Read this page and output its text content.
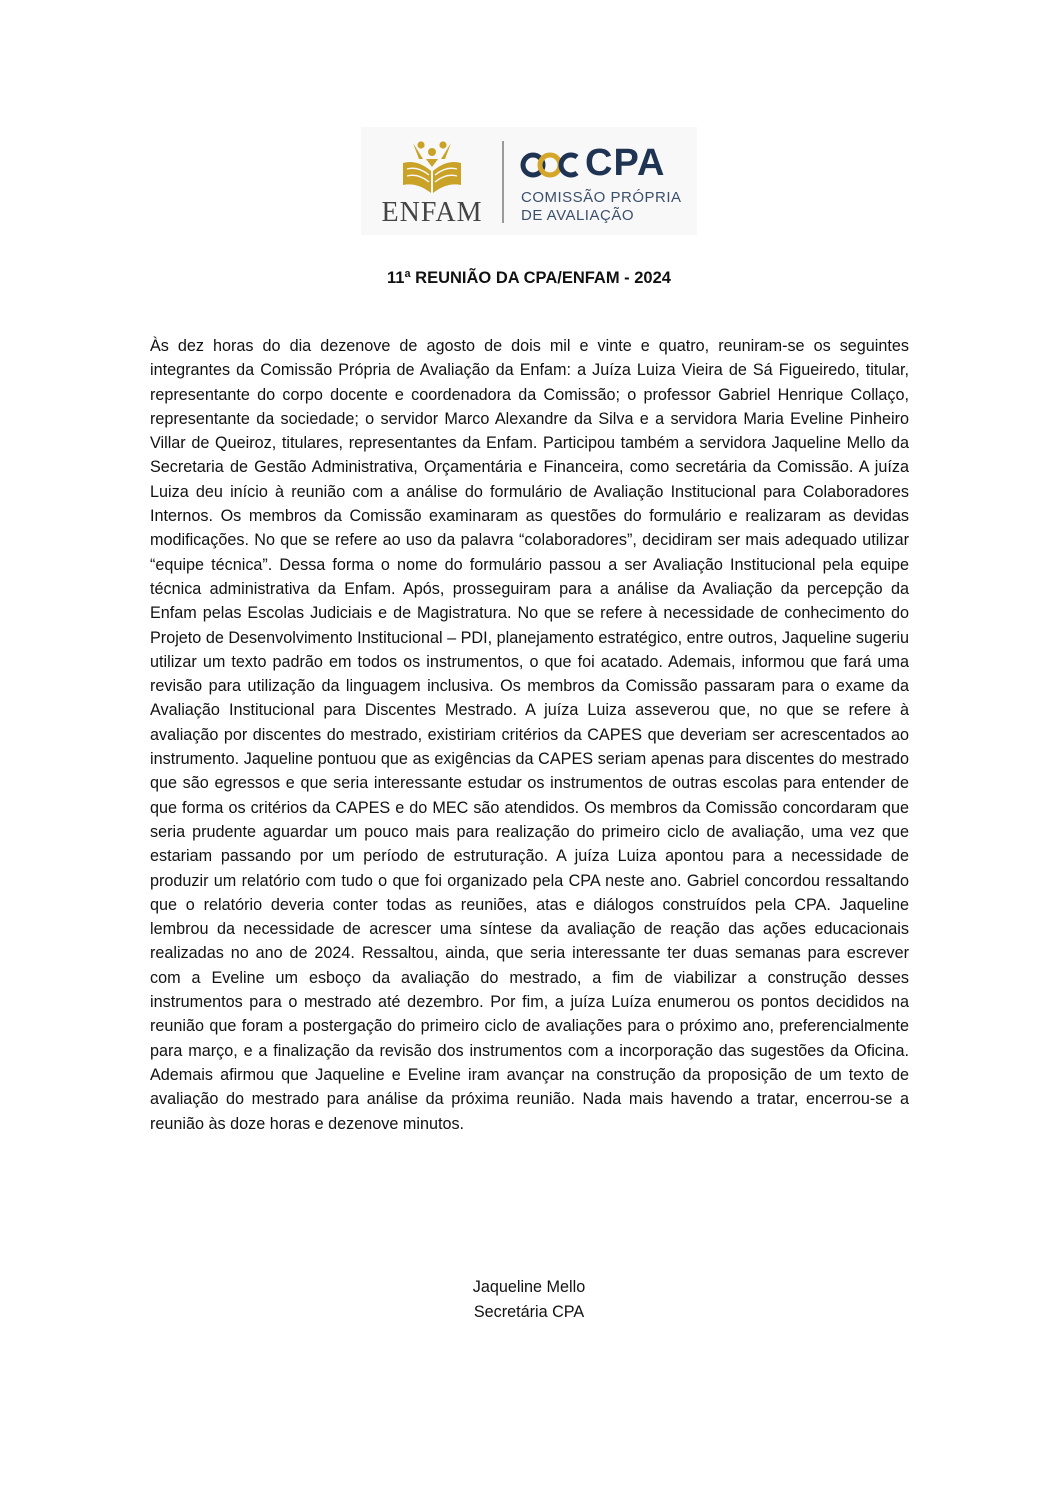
ENFAM
CPA
COMISSÃO PRÓPRIA
DE AVALIAÇÃO
11ª REUNIÃO DA CPA/ENFAM - 2024

Às dez horas do dia dezenove de agosto de dois mil e vinte e quatro, reuniram-se os seguintes integrantes da Comissão Própria de Avaliação da Enfam: a Juíza Luiza Vieira de Sá Figueiredo, titular, representante do corpo docente e coordenadora da Comissão; o professor Gabriel Henrique Collaço, representante da sociedade; o servidor Marco Alexandre da Silva e a servidora Maria Eveline Pinheiro Villar de Queiroz, titulares, representantes da Enfam. Participou também a servidora Jaqueline Mello da Secretaria de Gestão Administrativa, Orçamentária e Financeira, como secretária da Comissão. A juíza Luiza deu início à reunião com a análise do formulário de Avaliação Institucional para Colaboradores Internos. Os membros da Comissão examinaram as questões do formulário e realizaram as devidas modificações. No que se refere ao uso da palavra “colaboradores”, decidiram ser mais adequado utilizar “equipe técnica”. Dessa forma o nome do formulário passou a ser Avaliação Institucional pela equipe técnica administrativa da Enfam. Após, prosseguiram para a análise da Avaliação da percepção da Enfam pelas Escolas Judiciais e de Magistratura. No que se refere à necessidade de conhecimento do Projeto de Desenvolvimento Institucional – PDI, planejamento estratégico, entre outros, Jaqueline sugeriu utilizar um texto padrão em todos os instrumentos, o que foi acatado. Ademais, informou que fará uma revisão para utilização da linguagem inclusiva. Os membros da Comissão passaram para o exame da Avaliação Institucional para Discentes Mestrado. A juíza Luiza asseverou que, no que se refere à avaliação por discentes do mestrado, existiriam critérios da CAPES que deveriam ser acrescentados ao instrumento. Jaqueline pontuou que as exigências da CAPES seriam apenas para discentes do mestrado que são egressos e que seria interessante estudar os instrumentos de outras escolas para entender de que forma os critérios da CAPES e do MEC são atendidos. Os membros da Comissão concordaram que seria prudente aguardar um pouco mais para realização do primeiro ciclo de avaliação, uma vez que estariam passando por um período de estruturação. A juíza Luiza apontou para a necessidade de produzir um relatório com tudo o que foi organizado pela CPA neste ano. Gabriel concordou ressaltando que o relatório deveria conter todas as reuniões, atas e diálogos construídos pela CPA. Jaqueline lembrou da necessidade de acrescer uma síntese da avaliação de reação das ações educacionais realizadas no ano de 2024. Ressaltou, ainda, que seria interessante ter duas semanas para escrever com a Eveline um esboço da avaliação do mestrado, a fim de viabilizar a construção desses instrumentos para o mestrado até dezembro. Por fim, a juíza Luíza enumerou os pontos decididos na reunião que foram a postergação do primeiro ciclo de avaliações para o próximo ano, preferencialmente para março, e a finalização da revisão dos instrumentos com a incorporação das sugestões da Oficina. Ademais afirmou que Jaqueline e Eveline iram avançar na construção da proposição de um texto de avaliação do mestrado para análise da próxima reunião. Nada mais havendo a tratar, encerrou-se a reunião às doze horas e dezenove minutos.

Jaqueline Mello
Secretária CPA
